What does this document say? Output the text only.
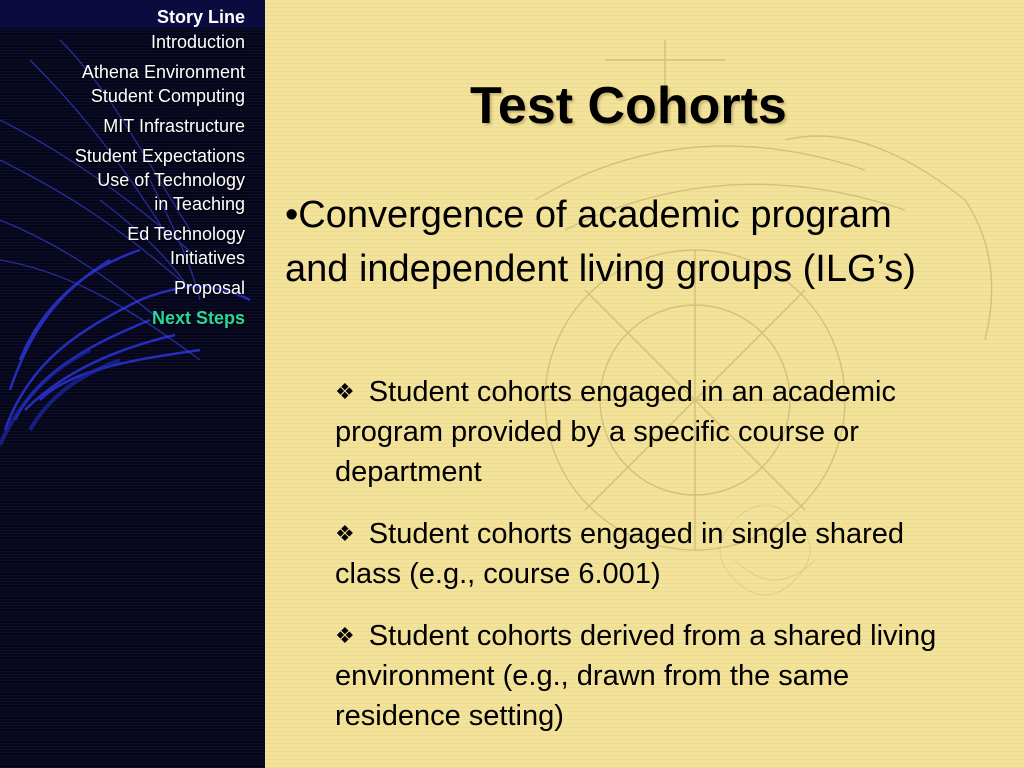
Story Line
Introduction
Athena Environment
Student Computing
MIT Infrastructure
Student Expectations
Use of Technology
in Teaching
Ed Technology
Initiatives
Proposal
Next Steps
Test Cohorts

•Convergence of academic program and independent living groups (ILG’s)

❖ Student cohorts engaged in an academic program provided by a specific course or department

❖ Student cohorts engaged in single shared class (e.g., course 6.001)

❖ Student cohorts derived from a shared living environment (e.g., drawn from the same residence setting)
